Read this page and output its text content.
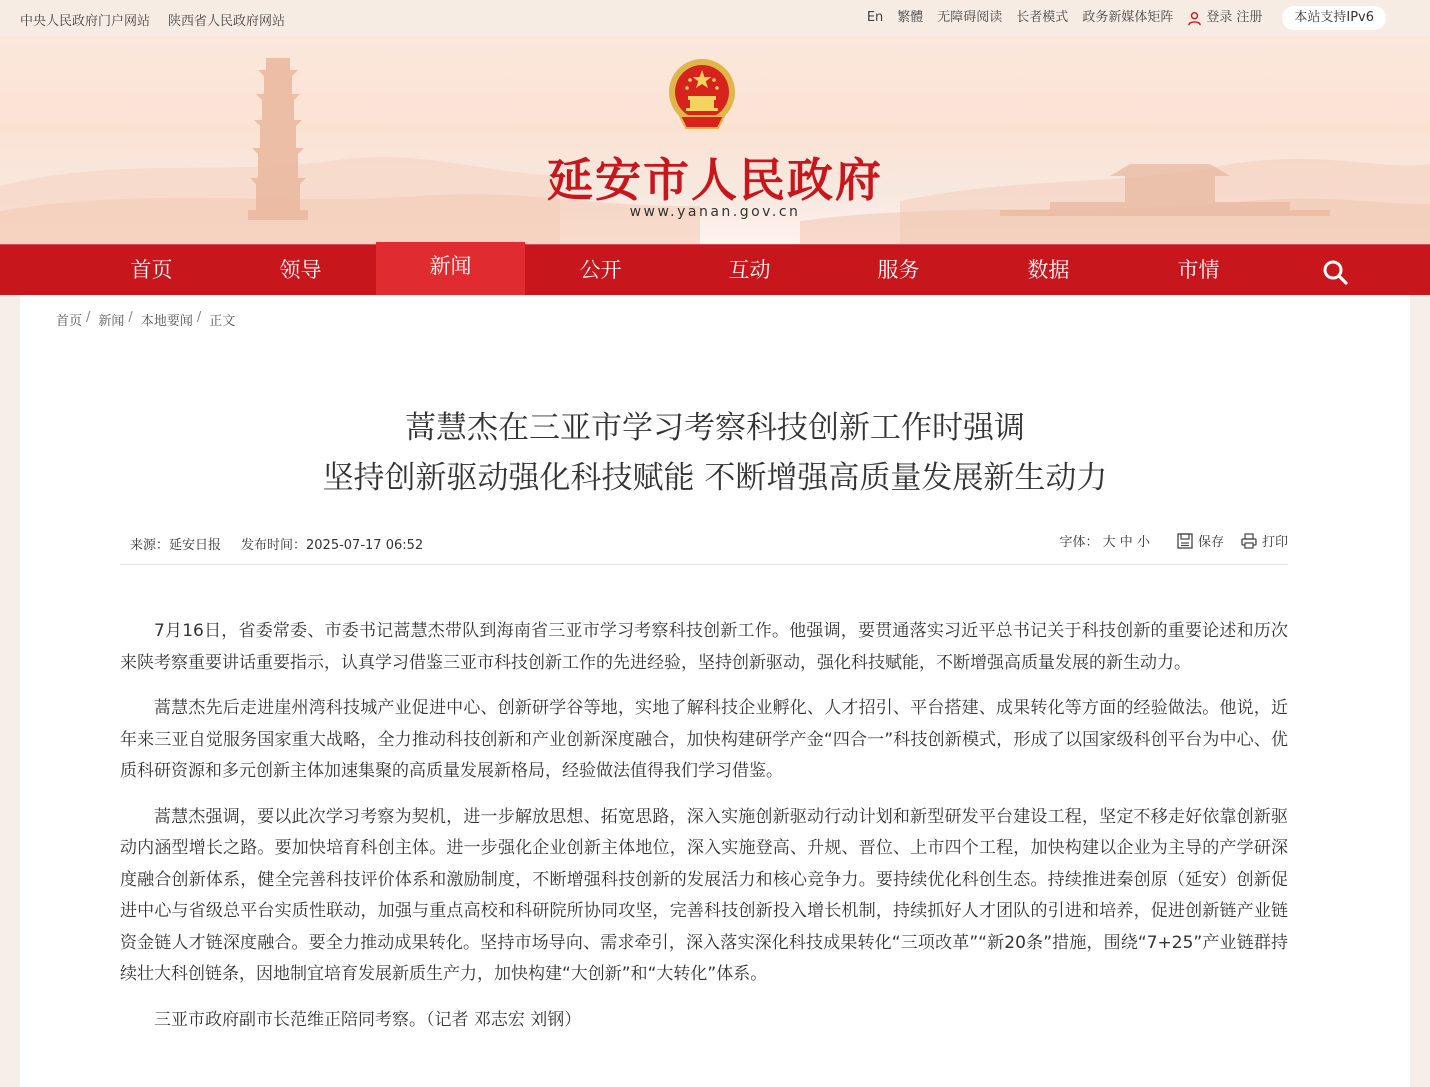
中央人民政府门户网站 陕西省人民政府网站	En 繁體 无障碍阅读 长者模式 政务新媒体矩阵	登录 注册	本站支持IPv6
延安市人民政府
www.yanan.gov.cn
首页	领导	新闻	公开	互动	服务	数据	市情
首页 / 新闻 / 本地要闻 / 正文
蒿慧杰在三亚市学习考察科技创新工作时强调
坚持创新驱动强化科技赋能 不断增强高质量发展新生动力
来源：延安日报 发布时间：2025-07-17 06:52	字体： 大 中 小	保存	打印

7月16日，省委常委、市委书记蒿慧杰带队到海南省三亚市学习考察科技创新工作。他强调，要贯通落实习近平总书记关于科技创新的重要论述和历次来陕考察重要讲话重要指示，认真学习借鉴三亚市科技创新工作的先进经验，坚持创新驱动，强化科技赋能，不断增强高质量发展的新生动力。

蒿慧杰先后走进崖州湾科技城产业促进中心、创新研学谷等地，实地了解科技企业孵化、人才招引、平台搭建、成果转化等方面的经验做法。他说，近年来三亚自觉服务国家重大战略，全力推动科技创新和产业创新深度融合，加快构建研学产金“四合一”科技创新模式，形成了以国家级科创平台为中心、优质科研资源和多元创新主体加速集聚的高质量发展新格局，经验做法值得我们学习借鉴。

蒿慧杰强调，要以此次学习考察为契机，进一步解放思想、拓宽思路，深入实施创新驱动行动计划和新型研发平台建设工程，坚定不移走好依靠创新驱动内涵型增长之路。要加快培育科创主体。进一步强化企业创新主体地位，深入实施登高、升规、晋位、上市四个工程，加快构建以企业为主导的产学研深度融合创新体系，健全完善科技评价体系和激励制度，不断增强科技创新的发展活力和核心竞争力。要持续优化科创生态。持续推进秦创原（延安）创新促进中心与省级总平台实质性联动，加强与重点高校和科研院所协同攻坚，完善科技创新投入增长机制，持续抓好人才团队的引进和培养，促进创新链产业链资金链人才链深度融合。要全力推动成果转化。坚持市场导向、需求牵引，深入落实深化科技成果转化“三项改革”“新20条”措施，围绕“7+25”产业链群持续壮大科创链条，因地制宜培育发展新质生产力，加快构建“大创新”和“大转化”体系。

三亚市政府副市长范维正陪同考察。（记者 邓志宏 刘钢）
